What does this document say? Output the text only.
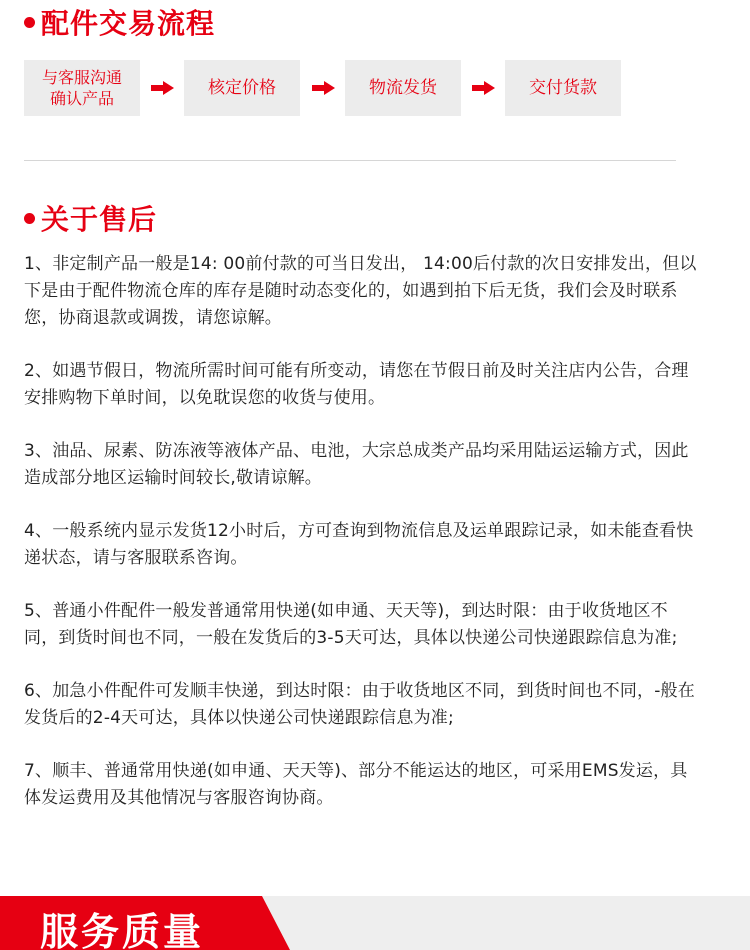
配件交易流程
与客服沟通
确认产品
核定价格	物流发货	交付货款
关于售后

1、非定制产品一般是14: 00前付款的可当日发出， 14:00后付款的次日安排发出，但以下是由于配件物流仓库的库存是随时动态变化的，如遇到拍下后无货，我们会及时联系您，协商退款或调拨，请您谅解。

2、如遇节假日，物流所需时间可能有所变动，请您在节假日前及时关注店内公告，合理安排购物下单时间，以免耽误您的收货与使用。

3、油品、尿素、防冻液等液体产品、电池，大宗总成类产品均采用陆运运输方式，因此造成部分地区运输时间较长,敬请谅解。

4、一般系统内显示发货12小时后，方可查询到物流信息及运单跟踪记录，如未能查看快递状态，请与客服联系咨询。

5、普通小件配件一般发普通常用快递(如申通、天天等)，到达时限：由于收货地区不同，到货时间也不同，一般在发货后的3-5天可达，具体以快递公司快递跟踪信息为准;

6、加急小件配件可发顺丰快递，到达时限：由于收货地区不同，到货时间也不同，-般在发货后的2-4天可达，具体以快递公司快递跟踪信息为准;

7、顺丰、普通常用快递(如申通、天天等)、部分不能运达的地区，可采用EMS发运，具体发运费用及其他情况与客服咨询协商。

服务质量
